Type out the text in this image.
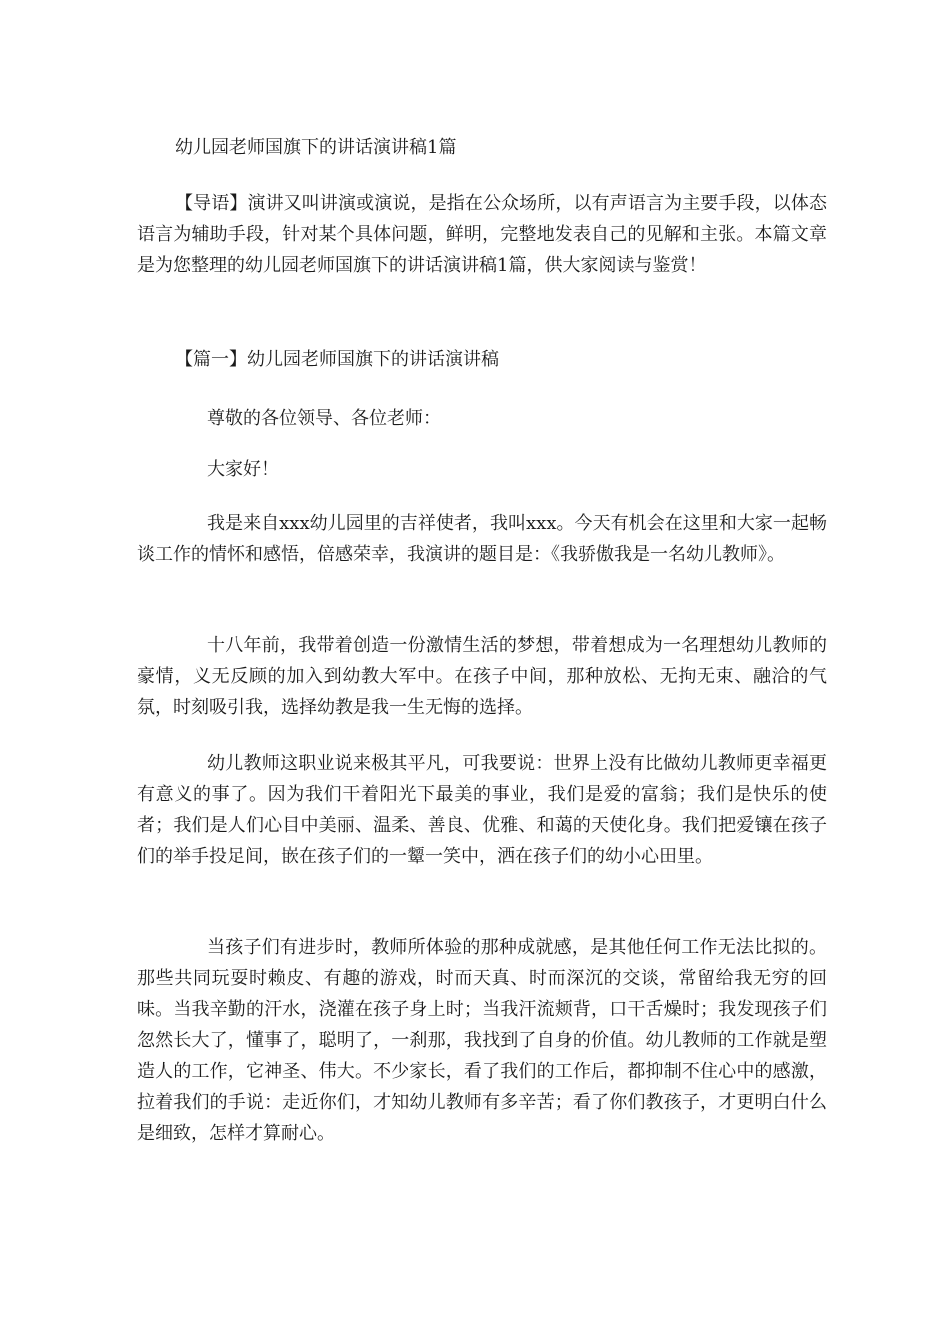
幼儿园老师国旗下的讲话演讲稿1篇
【导语】演讲又叫讲演或演说，是指在公众场所，以有声语言为主要手段，以体态语言为辅助手段，针对某个具体问题，鲜明，完整地发表自己的见解和主张。本篇文章是为您整理的幼儿园老师国旗下的讲话演讲稿1篇，供大家阅读与鉴赏！
【篇一】幼儿园老师国旗下的讲话演讲稿
尊敬的各位领导、各位老师：
大家好！
我是来自xxx幼儿园里的吉祥使者，我叫xxx。今天有机会在这里和大家一起畅谈工作的情怀和感悟，倍感荣幸，我演讲的题目是：《我骄傲我是一名幼儿教师》。
十八年前，我带着创造一份激情生活的梦想，带着想成为一名理想幼儿教师的豪情，义无反顾的加入到幼教大军中。在孩子中间，那种放松、无拘无束、融洽的气氛，时刻吸引我，选择幼教是我一生无悔的选择。
幼儿教师这职业说来极其平凡，可我要说：世界上没有比做幼儿教师更幸福更有意义的事了。因为我们干着阳光下最美的事业，我们是爱的富翁；我们是快乐的使者；我们是人们心目中美丽、温柔、善良、优雅、和蔼的天使化身。我们把爱镶在孩子们的举手投足间，嵌在孩子们的一颦一笑中，洒在孩子们的幼小心田里。
当孩子们有进步时，教师所体验的那种成就感，是其他任何工作无法比拟的。那些共同玩耍时赖皮、有趣的游戏，时而天真、时而深沉的交谈，常留给我无穷的回味。当我辛勤的汗水，浇灌在孩子身上时；当我汗流颊背，口干舌燥时；我发现孩子们忽然长大了，懂事了，聪明了，一刹那，我找到了自身的价值。幼儿教师的工作就是塑造人的工作，它神圣、伟大。不少家长，看了我们的工作后，都抑制不住心中的感激，拉着我们的手说：走近你们，才知幼儿教师有多辛苦；看了你们教孩子，才更明白什么是细致，怎样才算耐心。
